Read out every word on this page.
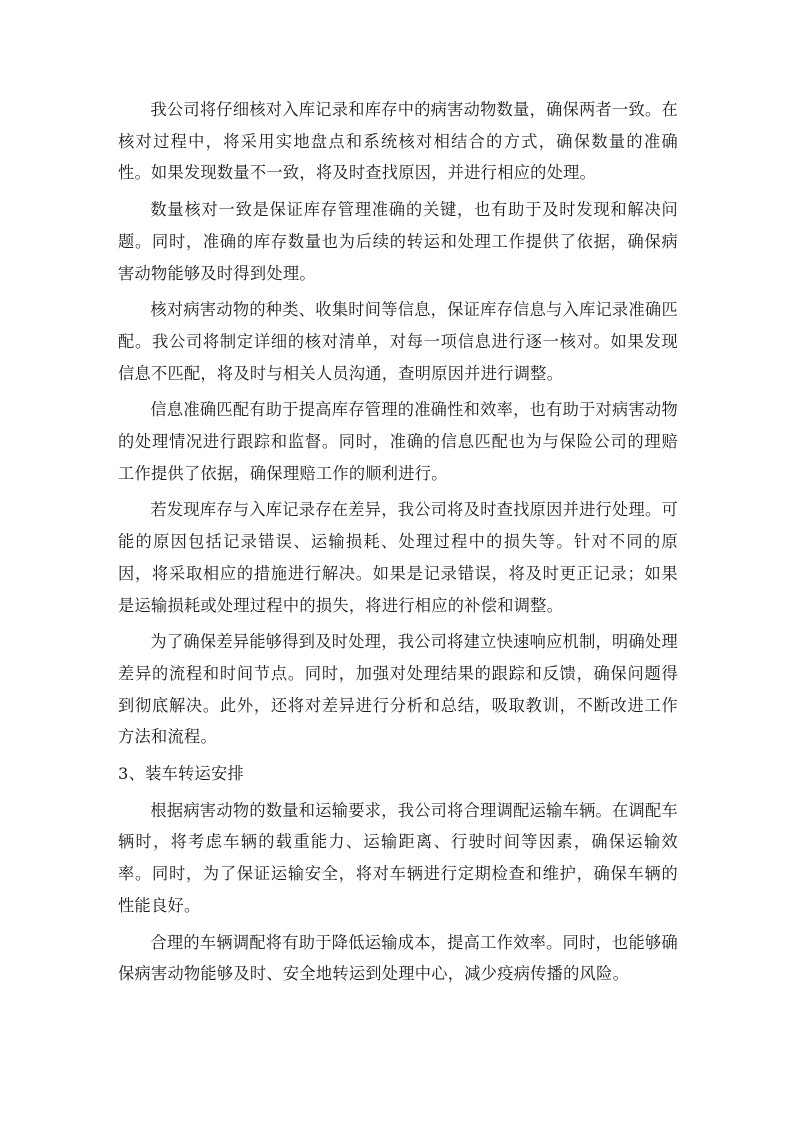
我公司将仔细核对入库记录和库存中的病害动物数量，确保两者一致。在核对过程中，将采用实地盘点和系统核对相结合的方式，确保数量的准确性。如果发现数量不一致，将及时查找原因，并进行相应的处理。

数量核对一致是保证库存管理准确的关键，也有助于及时发现和解决问题。同时，准确的库存数量也为后续的转运和处理工作提供了依据，确保病害动物能够及时得到处理。

核对病害动物的种类、收集时间等信息，保证库存信息与入库记录准确匹配。我公司将制定详细的核对清单，对每一项信息进行逐一核对。如果发现信息不匹配，将及时与相关人员沟通，查明原因并进行调整。

信息准确匹配有助于提高库存管理的准确性和效率，也有助于对病害动物的处理情况进行跟踪和监督。同时，准确的信息匹配也为与保险公司的理赔工作提供了依据，确保理赔工作的顺利进行。

若发现库存与入库记录存在差异，我公司将及时查找原因并进行处理。可能的原因包括记录错误、运输损耗、处理过程中的损失等。针对不同的原因，将采取相应的措施进行解决。如果是记录错误，将及时更正记录；如果是运输损耗或处理过程中的损失，将进行相应的补偿和调整。

为了确保差异能够得到及时处理，我公司将建立快速响应机制，明确处理差异的流程和时间节点。同时，加强对处理结果的跟踪和反馈，确保问题得到彻底解决。此外，还将对差异进行分析和总结，吸取教训，不断改进工作方法和流程。

3、装车转运安排

根据病害动物的数量和运输要求，我公司将合理调配运输车辆。在调配车辆时，将考虑车辆的载重能力、运输距离、行驶时间等因素，确保运输效率。同时，为了保证运输安全，将对车辆进行定期检查和维护，确保车辆的性能良好。

合理的车辆调配将有助于降低运输成本，提高工作效率。同时，也能够确保病害动物能够及时、安全地转运到处理中心，减少疫病传播的风险。
